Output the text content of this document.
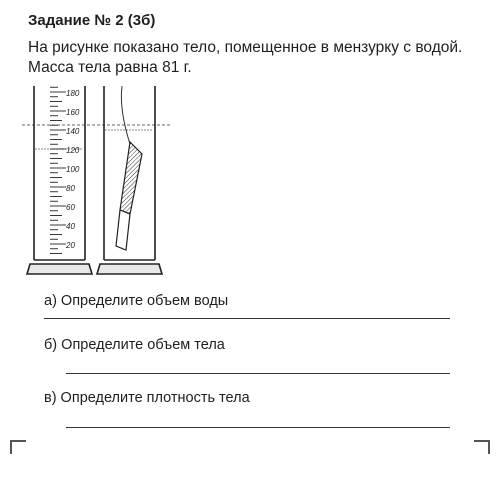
Задание № 2 (3б)
На рисунке показано тело, помещенное в мензурку с водой. Масса тела равна 81 г.
180
160
140
120
100
80
60
40
20
а) Определите объем воды
б) Определите объем тела
в) Определите плотность тела
